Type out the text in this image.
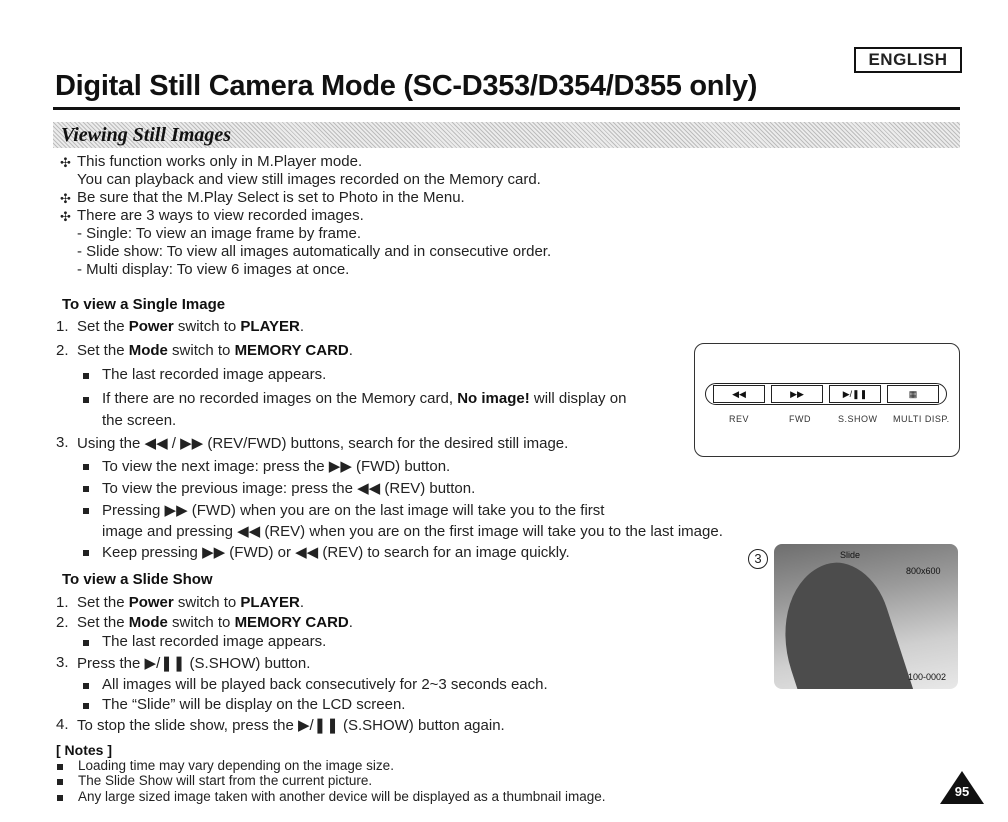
ENGLISH
Digital Still Camera Mode (SC-D353/D354/D355 only)
Viewing Still Images
✣ This function works only in M.Player mode.
You can playback and view still images recorded on the Memory card.
✣ Be sure that the M.Play Select is set to Photo in the Menu.
✣ There are 3 ways to view recorded images.
- Single: To view an image frame by frame.
- Slide show: To view all images automatically and in consecutive order.
- Multi display: To view 6 images at once.
To view a Single Image
1. Set the Power switch to PLAYER.
2. Set the Mode switch to MEMORY CARD.
The last recorded image appears.
If there are no recorded images on the Memory card, No image! will display on
the screen.
3. Using the ◀◀ / ▶▶ (REV/FWD) buttons, search for the desired still image.
To view the next image: press the ▶▶ (FWD) button.
To view the previous image: press the ◀◀ (REV) button.
Pressing ▶▶ (FWD) when you are on the last image will take you to the first
image and pressing ◀◀ (REV) when you are on the first image will take you to the last image.
Keep pressing ▶▶ (FWD) or ◀◀ (REV) to search for an image quickly.
To view a Slide Show
1. Set the Power switch to PLAYER.
2. Set the Mode switch to MEMORY CARD.
The last recorded image appears.
3. Press the ▶/❚❚ (S.SHOW) button.
All images will be played back consecutively for 2~3 seconds each.
The “Slide” will be display on the LCD screen.
4. To stop the slide show, press the ▶/❚❚ (S.SHOW) button again.
[ Notes ]
Loading time may vary depending on the image size.
The Slide Show will start from the current picture.
Any large sized image taken with another device will be displayed as a thumbnail image.
◀◀	▶▶	▶/❚❚	▦
REV	FWD	S.SHOW MULTI DISP.
3	Slide
800x600
100-0002
95
